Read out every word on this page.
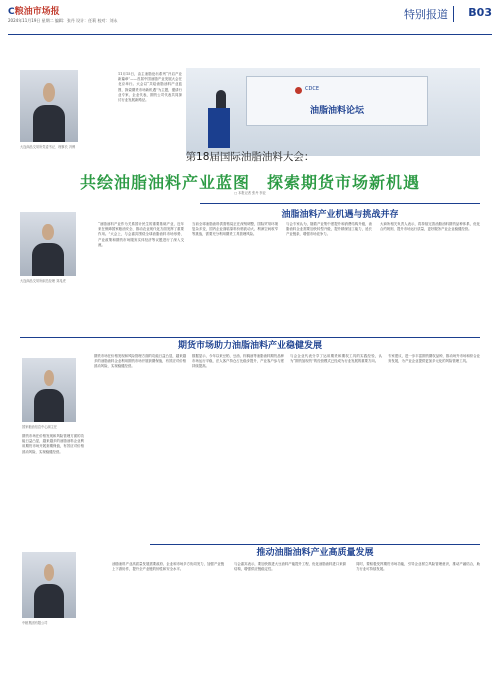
C粮油市场报
2024年11月19日 星期二 编辑：张丹 设计：任莉 校对：刘永	特别报道 B03
大连商品交易所党委书记、理事长 冯博
11月15日，由主油脂论坛系列“开启产业新篇章”——首届中国油脂产业发展大会在北京举行。大会以“共绘油脂油料产业蓝图，探索期货市场新机遇”为主题，邀请行业专家、企业代表、期货公司代表共同探讨行业发展新路径。
CDCE
油脂油料论坛
第18届国际油脂油料大会：
共绘油脂油料产业蓝图　探索期货市场新机遇
□ 本报记者 张丹 李亚
油脂油料产业机遇与挑战并存
大连商品交易所副总经理 刘兆虎
“油脂油料产业作为关系国计民生的重要基础产业，近年来在保障国家粮油安全、推动农业现代化方面发挥了重要作用。”大会上，与会嘉宾围绕全球油脂油料市场形势、产业政策和期货市场服务实体经济等议题进行了深入交流。
当前全球油脂油料供需格局正在深刻调整，国际贸易环境复杂多变，国内企业面临原料价格波动大、利润空间收窄等挑战，需要充分利用期货工具管理风险。
与会专家认为，随着产业集中度提升和消费结构升级，油脂油料企业需要加快转型升级，提升精深加工能力，延长产业链条，增强市场竞争力。
大商所相关负责人表示，将持续完善油脂油料期货品种体系，优化合约规则，提升市场运行质量，更好服务产业企业稳健经营。
期货市场助力油脂油料产业稳健发展
国家粮油信息中心副主任
期货市场在价格发现和风险管理方面的功能日益凸显，越来越多的油脂油料企业利用期货市场开展套期保值，有效应对价格波动风险，实现稳健经营。
数据显示，今年以来豆粕、豆油、棕榈油等油脂油料期货品种市场运行平稳，法人客户持仓占比稳步提升，产业客户参与度持续提高。
与会企业代表分享了运用期货和期权工具的实践经验，认为“期货加现货”的经营模式已经成为行业发展的重要方向。
专家建议，进一步丰富期货期权品种，推动场外市场和综合业务发展，为产业企业提供更加多元化的风险管理工具。
期货市场在价格发现和风险管理方面的功能日益凸显，越来越多的油脂油料企业利用期货市场开展套期保值，有效应对价格波动风险，实现稳健经营。
推动油脂油料产业高质量发展
中粮集团有限公司
油脂油料产业高质量发展需要政府、企业和市场多方协同发力，加强产业链上下游协作，提升全产业链的韧性和安全水平。
与会嘉宾表示，要加快推进大豆油料产能提升工程，优化油脂油料进口来源结构，增强供应链稳定性。
同时，要积极发挥期货市场功能，引导企业树立风险管理意识，推动产融结合，助力行业可持续发展。
